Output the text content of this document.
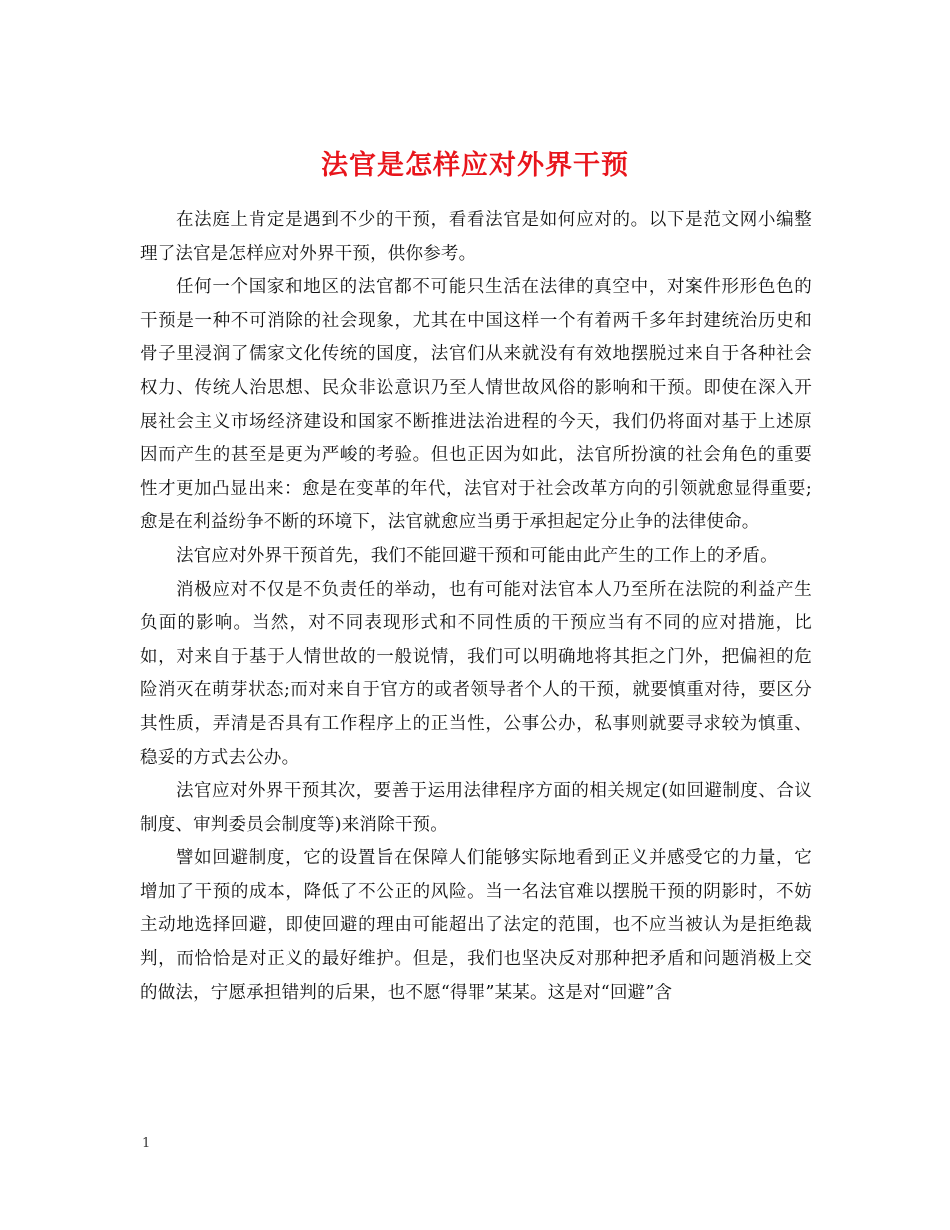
法官是怎样应对外界干预

在法庭上肯定是遇到不少的干预，看看法官是如何应对的。以下是范文网小编整理了法官是怎样应对外界干预，供你参考。

任何一个国家和地区的法官都不可能只生活在法律的真空中，对案件形形色色的干预是一种不可消除的社会现象，尤其在中国这样一个有着两千多年封建统治历史和骨子里浸润了儒家文化传统的国度，法官们从来就没有有效地摆脱过来自于各种社会权力、传统人治思想、民众非讼意识乃至人情世故风俗的影响和干预。即使在深入开展社会主义市场经济建设和国家不断推进法治进程的今天，我们仍将面对基于上述原因而产生的甚至是更为严峻的考验。但也正因为如此，法官所扮演的社会角色的重要性才更加凸显出来：愈是在变革的年代，法官对于社会改革方向的引领就愈显得重要;愈是在利益纷争不断的环境下，法官就愈应当勇于承担起定分止争的法律使命。

法官应对外界干预首先，我们不能回避干预和可能由此产生的工作上的矛盾。

消极应对不仅是不负责任的举动，也有可能对法官本人乃至所在法院的利益产生负面的影响。当然，对不同表现形式和不同性质的干预应当有不同的应对措施，比如，对来自于基于人情世故的一般说情，我们可以明确地将其拒之门外，把偏袒的危险消灭在萌芽状态;而对来自于官方的或者领导者个人的干预，就要慎重对待，要区分其性质，弄清是否具有工作程序上的正当性，公事公办，私事则就要寻求较为慎重、稳妥的方式去公办。

法官应对外界干预其次，要善于运用法律程序方面的相关规定(如回避制度、合议制度、审判委员会制度等)来消除干预。

譬如回避制度，它的设置旨在保障人们能够实际地看到正义并感受它的力量，它增加了干预的成本，降低了不公正的风险。当一名法官难以摆脱干预的阴影时，不妨主动地选择回避，即使回避的理由可能超出了法定的范围，也不应当被认为是拒绝裁判，而恰恰是对正义的最好维护。但是，我们也坚决反对那种把矛盾和问题消极上交的做法，宁愿承担错判的后果，也不愿“得罪”某某。这是对“回避”含

1
